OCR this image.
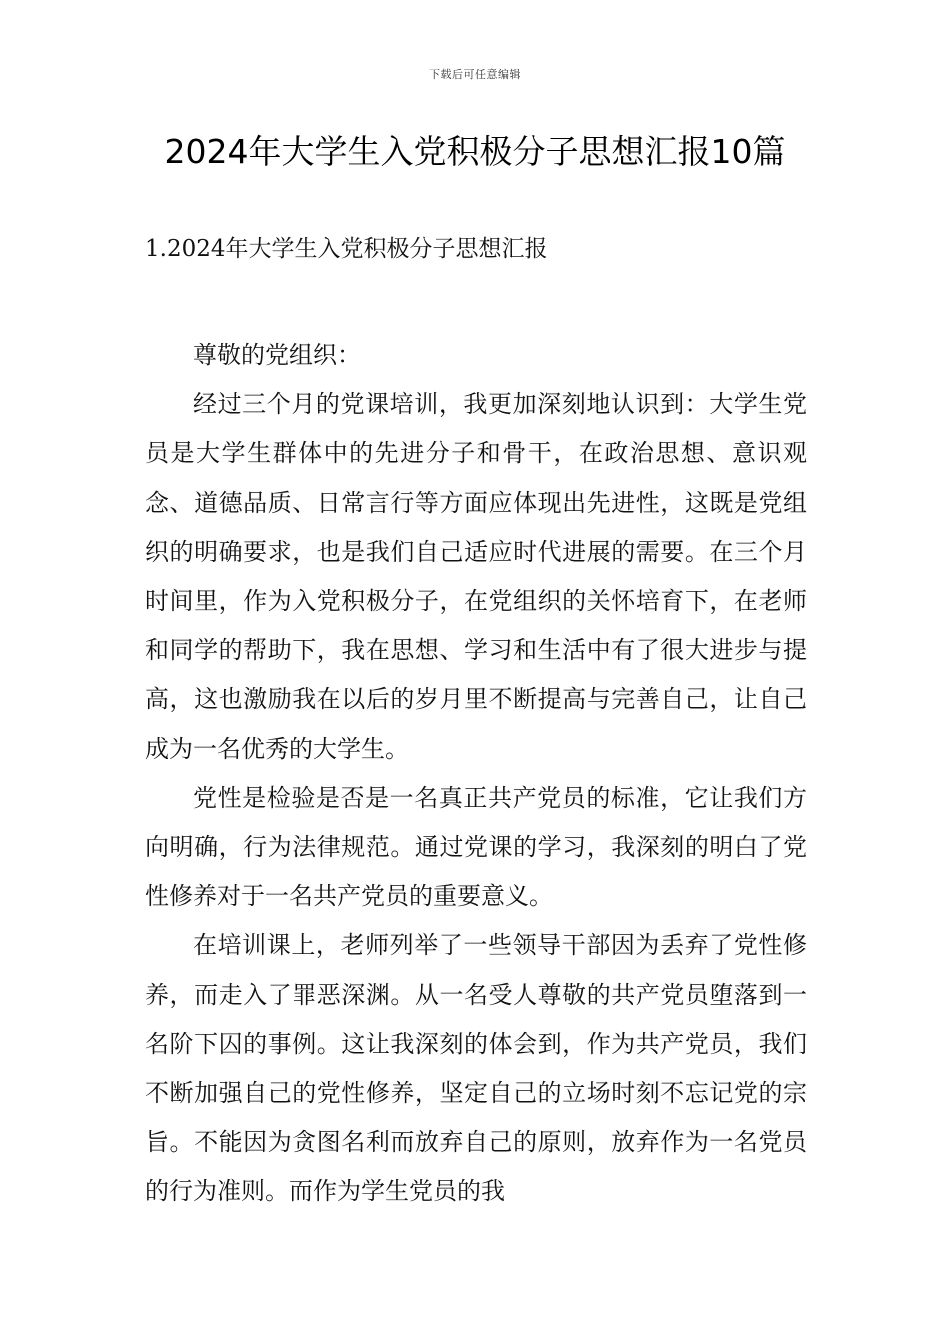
下载后可任意编辑
2024年大学生入党积极分子思想汇报10篇
1.2024年大学生入党积极分子思想汇报

尊敬的党组织：

经过三个月的党课培训，我更加深刻地认识到：大学生党员是大学生群体中的先进分子和骨干，在政治思想、意识观念、道德品质、日常言行等方面应体现出先进性，这既是党组织的明确要求，也是我们自己适应时代进展的需要。在三个月时间里，作为入党积极分子，在党组织的关怀培育下，在老师和同学的帮助下，我在思想、学习和生活中有了很大进步与提高，这也激励我在以后的岁月里不断提高与完善自己，让自己成为一名优秀的大学生。

党性是检验是否是一名真正共产党员的标准，它让我们方向明确，行为法律规范。通过党课的学习，我深刻的明白了党性修养对于一名共产党员的重要意义。

在培训课上，老师列举了一些领导干部因为丢弃了党性修养，而走入了罪恶深渊。从一名受人尊敬的共产党员堕落到一名阶下囚的事例。这让我深刻的体会到，作为共产党员，我们不断加强自己的党性修养，坚定自己的立场时刻不忘记党的宗旨。不能因为贪图名利而放弃自己的原则，放弃作为一名党员的行为准则。而作为学生党员的我
